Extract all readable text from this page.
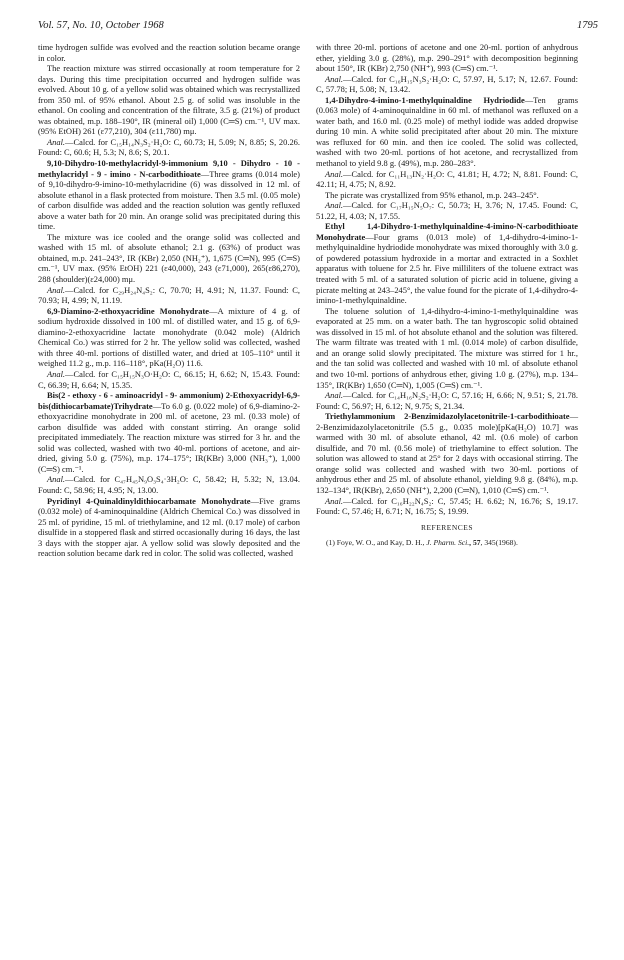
Vol. 57, No. 10, October 1968	1795

time hydrogen sulfide was evolved and the reaction solution became orange in color.

The reaction mixture was stirred occasionally at room temperature for 2 days. During this time precipitation occurred and hydrogen sulfide was evolved. About 10 g. of a yellow solid was obtained which was recrystallized from 350 ml. of 95% ethanol. About 2.5 g. of solid was insoluble in the ethanol. On cooling and concentration of the filtrate, 3.5 g. (21%) of product was obtained, m.p. 188–190°, IR (mineral oil) 1,000 (C═S) cm.⁻¹, UV max. (95% EtOH) 261 (ε77,210), 304 (ε11,780) mμ.

Anal.—Calcd. for C₁₅H₁₄N₃S₂·H₂O: C, 60.73; H, 5.09; N, 8.85; S, 20.26. Found: C, 60.6; H, 5.3; N, 8.6; S, 20.1.

9,10-Dihydro-10-methylacridyl-9-immonium 9,10 - Dihydro - 10 - methylacridyl - 9 - imino - N-carbodithioate—Three grams (0.014 mole) of 9,10-dihydro-9-imino-10-methylacridine (6) was dissolved in 12 ml. of absolute ethanol in a flask protected from moisture. Then 3.5 ml. (0.05 mole) of carbon disulfide was added and the reaction solution was gently refluxed above a water bath for 20 min. An orange solid was precipitated during this time.

The mixture was ice cooled and the orange solid was collected and washed with 15 ml. of absolute ethanol; 2.1 g. (63%) of product was obtained, m.p. 241–243°, IR (KBr) 2,050 (NH₂⁺), 1,675 (C═N), 995 (C═S) cm.⁻¹, UV max. (95% EtOH) 221 (ε40,000), 243 (ε71,000), 265(ε86,270), 288 (shoulder)(ε24,000) mμ.

Anal.—Calcd. for C₂₉H₂₄N₄S₂: C, 70.70; H, 4.91; N, 11.37. Found: C, 70.93; H, 4.99; N, 11.19.

6,9-Diamino-2-ethoxyacridine Monohydrate—A mixture of 4 g. of sodium hydroxide dissolved in 100 ml. of distilled water, and 15 g. of 6,9-diamino-2-ethoxyacridine lactate monohydrate (0.042 mole) (Aldrich Chemical Co.) was stirred for 2 hr. The yellow solid was collected, washed with three 40-ml. portions of distilled water, and dried at 105–110° until it weighed 11.2 g., m.p. 116–118°, pKa(H₂O) 11.6.

Anal.—Calcd. for C₁₅H₁₅N₃O·H₂O: C, 66.15; H, 6.62; N, 15.43. Found: C, 66.39; H, 6.64; N, 15.35.

Bis(2 - ethoxy - 6 - aminoacridyl - 9- ammonium) 2-Ethoxyacridyl-6,9-bis(dithiocarbamate)Trihydrate—To 6.0 g. (0.022 mole) of 6,9-diamino-2-ethoxyacridine monohydrate in 200 ml. of acetone, 23 ml. (0.33 mole) of carbon disulfide was added with constant stirring. An orange solid precipitated immediately. The reaction mixture was stirred for 3 hr. and the solid was collected, washed with two 40-ml. portions of acetone, and air-dried, giving 5.0 g. (75%), m.p. 174–175°; IR(KBr) 3,000 (NH₃⁺), 1,000 (C═S) cm.⁻¹.

Anal.—Calcd. for C₄₇H₄₅N₉O₃S₄·3H₂O: C, 58.42; H, 5.32; N, 13.04. Found: C, 58.96; H, 4.95; N, 13.00.

Pyridinyl 4-Quinaldinyldithiocarbamate Monohydrate—Five grams (0.032 mole) of 4-aminoquinaldine (Aldrich Chemical Co.) was dissolved in 25 ml. of pyridine, 15 ml. of triethylamine, and 12 ml. (0.17 mole) of carbon disulfide in a stoppered flask and stirred occasionally during 16 days, the last 3 days with the stopper ajar. A yellow solid was slowly deposited and the reaction solution became dark red in color. The solid was collected, washed

with three 20-ml. portions of acetone and one 20-ml. portion of anhydrous ether, yielding 3.0 g. (28%), m.p. 290–291° with decomposition beginning about 150°, IR (KBr) 2,750 (NH⁺), 993 (C═S) cm.⁻¹.

Anal.—Calcd. for C₁₆H₁₅N₃S₂·H₂O: C, 57.97, H, 5.17; N, 12.67. Found: C, 57.78; H, 5.08; N, 13.42.

1,4-Dihydro-4-imino-1-methylquinaldine Hydriodide—Ten grams (0.063 mole) of 4-aminoquinaldine in 60 ml. of methanol was refluxed on a water bath, and 16.0 ml. (0.25 mole) of methyl iodide was added dropwise during 10 min. A white solid precipitated after about 20 min. The mixture was refluxed for 60 min. and then ice cooled. The solid was collected, washed with two 20-ml. portions of hot acetone, and recrystallized from methanol to yield 9.8 g. (49%), m.p. 280–283°.

Anal.—Calcd. for C₁₁H₁₃IN₂·H₂O: C, 41.81; H, 4.72; N, 8.81. Found: C, 42.11; H, 4.75; N, 8.92.

The picrate was crystallized from 95% ethanol, m.p. 243–245°.

Anal.—Calcd. for C₁₇H₁₅N₅O₇: C, 50.73; H, 3.76; N, 17.45. Found: C, 51.22, H, 4.03; N, 17.55.

Ethyl 1,4-Dihydro-1-methylquinaldine-4-imino-N-carbodithioate Monohydrate—Four grams (0.013 mole) of 1,4-dihydro-4-imino-1-methylquinaldine hydriodide monohydrate was mixed thoroughly with 3.0 g. of powdered potassium hydroxide in a mortar and extracted in a Soxhlet apparatus with toluene for 2.5 hr. Five milliliters of the toluene extract was treated with 5 ml. of a saturated solution of picric acid in toluene, giving a picrate melting at 243–245°, the value found for the picrate of 1,4-dihydro-4-imino-1-methylquinaldine.

The toluene solution of 1,4-dihydro-4-imino-1-methylquinaldine was evaporated at 25 mm. on a water bath. The tan hygroscopic solid obtained was dissolved in 15 ml. of hot absolute ethanol and the solution was filtered. The warm filtrate was treated with 1 ml. (0.014 mole) of carbon disulfide, and an orange solid slowly precipitated. The mixture was stirred for 1 hr., and the tan solid was collected and washed with 10 ml. of absolute ethanol and two 10-ml. portions of anhydrous ether, giving 1.0 g. (27%), m.p. 134–135°, IR(KBr) 1,650 (C═N), 1,005 (C═S) cm.⁻¹.

Anal.—Calcd. for C₁₄H₁₆N₂S₂·H₂O: C, 57.16; H, 6.66; N, 9.51; S, 21.78. Found: C, 56.97; H, 6.12; N, 9.75; S, 21.34.

Triethylammonium 2-Benzimidazolylacetonitrile-1-carbodithioate—2-Benzimidazolylacetonitrile (5.5 g., 0.035 mole)[pKa(H₂O) 10.7] was warmed with 30 ml. of absolute ethanol, 42 ml. (0.6 mole) of carbon disulfide, and 70 ml. (0.56 mole) of triethylamine to effect solution. The solution was allowed to stand at 25° for 2 days with occasional stirring. The orange solid was collected and washed with two 30-ml. portions of anhydrous ether and 25 ml. of absolute ethanol, yielding 9.8 g. (84%), m.p. 132–134°, IR(KBr), 2,650 (NH⁺), 2,200 (C═N), 1,010 (C═S) cm.⁻¹.

Anal.—Calcd. for C₁₆H₂₂N₄S₂: C, 57.45; H. 6.62; N, 16.76; S, 19.17. Found: C, 57.46; H, 6.71; N, 16.75; S, 19.99.

REFERENCES

(1) Foye, W. O., and Kay, D. H., J. Pharm. Sci., 57, 345(1968).
